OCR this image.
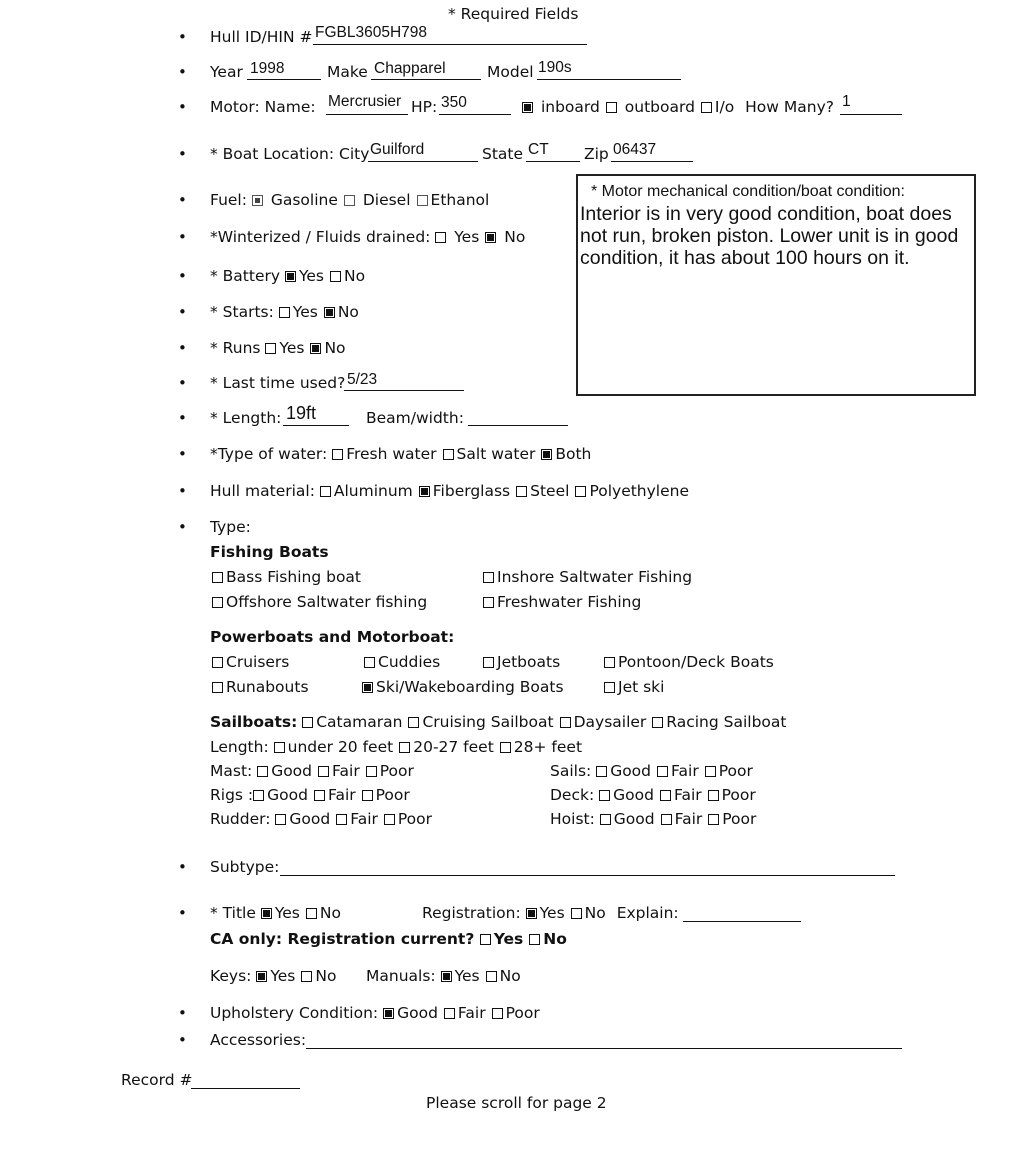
* Required Fields
• Hull ID/HIN # FGBL3605H798
• Year 1998	Make Chapparel	Model 190s
• Motor: Name: Mercrusier HP: 350	inboard outboard I/o How Many? 1
• * Boat Location: City Guilford	State CT Zip 06437
• Fuel: Gasoline Diesel Ethanol
• *Winterized / Fluids drained: Yes No
• * Battery Yes No
• * Starts: Yes No
• * Runs Yes No
• * Last time used? 5/23
• * Length: 19ft	Beam/width:
• *Type of water: Fresh water Salt water Both
• Hull material: Aluminum Fiberglass Steel Polyethylene
• Type:
Fishing Boats
Bass Fishing boat	Inshore Saltwater Fishing
Offshore Saltwater fishing	Freshwater Fishing
Powerboats and Motorboat:
Cruisers	Cuddies	Jetboats	Pontoon/Deck Boats
Runabouts	Ski/Wakeboarding Boats	Jet ski
Sailboats: Catamaran Cruising Sailboat Daysailer Racing Sailboat
Length: under 20 feet 20-27 feet 28+ feet
Mast: Good Fair Poor	Sails: Good Fair Poor
Rigs : Good Fair Poor	Deck: Good Fair Poor
Rudder: Good Fair Poor	Hoist: Good Fair Poor
• Subtype:
• * Title Yes No	Registration: Yes No Explain:
CA only: Registration current? Yes No
Keys: Yes No	Manuals: Yes No
• Upholstery Condition: Good Fair Poor
• Accessories:
Record #
Please scroll for page 2
* Motor mechanical condition/boat condition:
Interior is in very good condition, boat does not run, broken piston. Lower unit is in good condition, it has about 100 hours on it.
